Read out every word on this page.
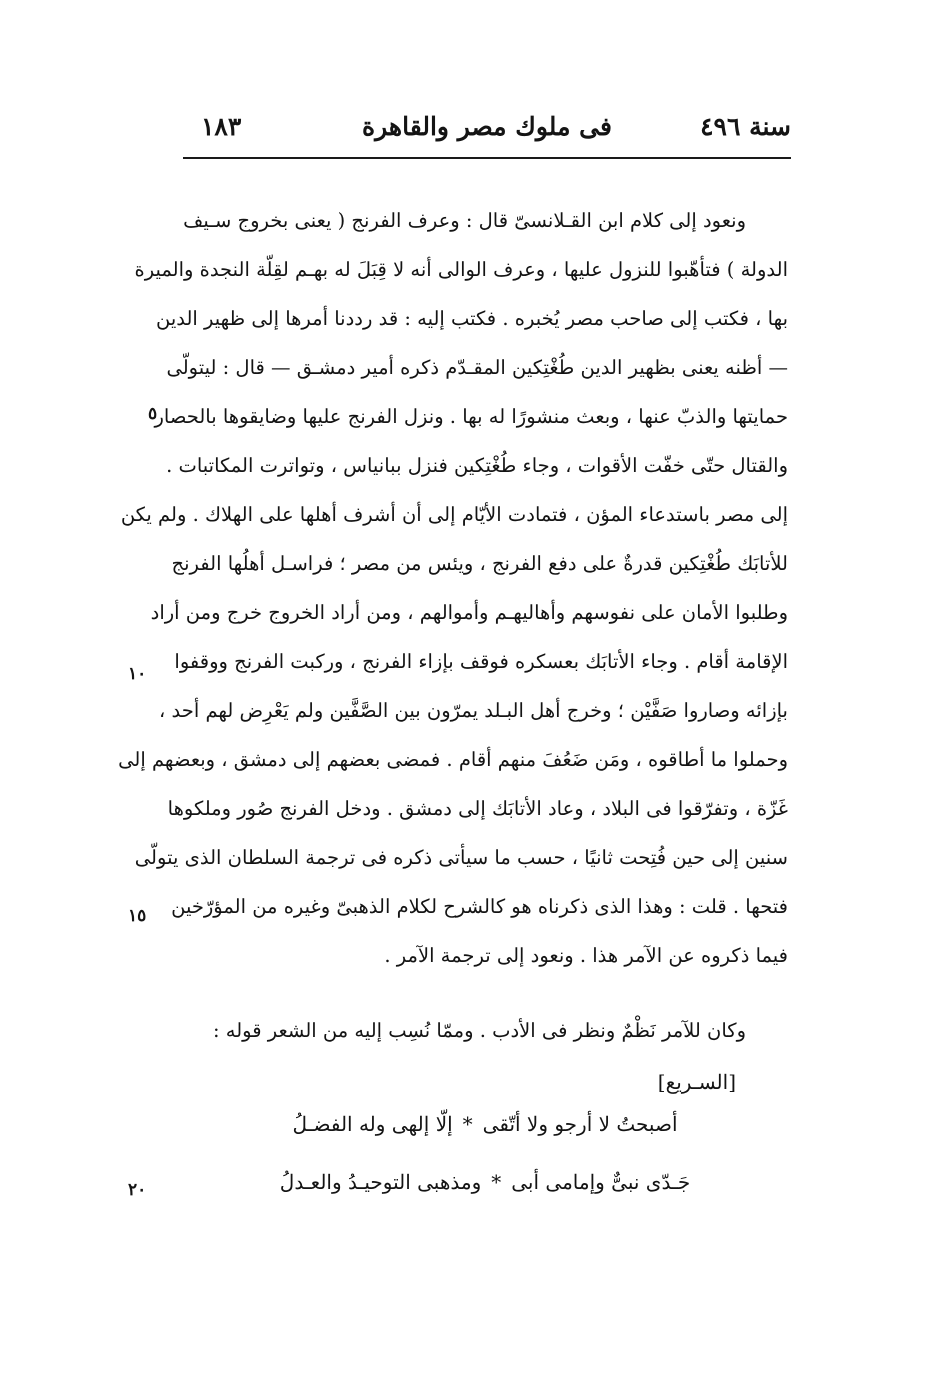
سنة ٤٩٦
فى ملوك مصر والقاهرة
١٨٣
ونعود إلى كلام ابن القـلانسىّ قال : وعرف الفرنج ( يعنى بخروج سـيف
الدولة ) فتأهّبوا للنزول عليها ، وعرف الوالى أنه لا قِبَلَ له بهـم لقِلّة النجدة والميرة
بها ، فكتب إلى صاحب مصر يُخبره . فكتب إليه : قد رددنا أمرها إلى ظهير الدين
— أظنه يعنى بظهير الدين طُغْتِكين المقـدّم ذكره أمير دمشـق — قال : ليتولّى
حمايتها والذبّ عنها ، وبعث منشورًا له بها . ونزل الفرنج عليها وضايقوها بالحصار
والقتال حتّى خفّت الأقوات ، وجاء طُغْتِكين فنزل ببانياس ، وتواترت المكاتبات .
إلى مصر باستدعاء المؤن ، فتمادت الأيّام إلى أن أشرف أهلها على الهلاك . ولم يكن
للأتابَك طُغْتِكين قدرةٌ على دفع الفرنج ، ويئس من مصر ؛ فراسـل أهلُها الفرنج
وطلبوا الأمان على نفوسهم وأهاليهـم وأموالهم ، ومن أراد الخروج خرج ومن أراد
الإقامة أقام . وجاء الأتابَك بعسكره فوقف بإزاء الفرنج ، وركبت الفرنج ووقفوا
بإزائه وصاروا صَفَّيْن ؛ وخرج أهل البـلد يمرّون بين الصَّفَّين ولم يَعْرِض لهم أحد ،
وحملوا ما أطاقوه ، ومَن ضَعُفَ منهم أقام . فمضى بعضهم إلى دمشق ، وبعضهم إلى
غَزّة ، وتفرّقوا فى البلاد ، وعاد الأتابَك إلى دمشق . ودخل الفرنج صُور وملكوها
سنين إلى حين فُتِحت ثانيًا ، حسب ما سيأتى ذكره فى ترجمة السلطان الذى يتولّى
فتحها . قلت : وهذا الذى ذكرناه هو كالشرح لكلام الذهبىّ وغيره من المؤرّخين
فيما ذكروه عن الآمر هذا . ونعود إلى ترجمة الآمر .
وكان للآمر نَظْمٌ ونظر فى الأدب . وممّا نُسِب إليه من الشعر قوله :
[السـريع]
أصبحتُ لا أرجو ولا أتّقى*إلّا إلهى وله الفضـلُ
جَـدّى نبىٌّ وإمامى أبى*ومذهبى التوحيـدُ والعـدلُ
٥
١٠
١٥
٢٠
